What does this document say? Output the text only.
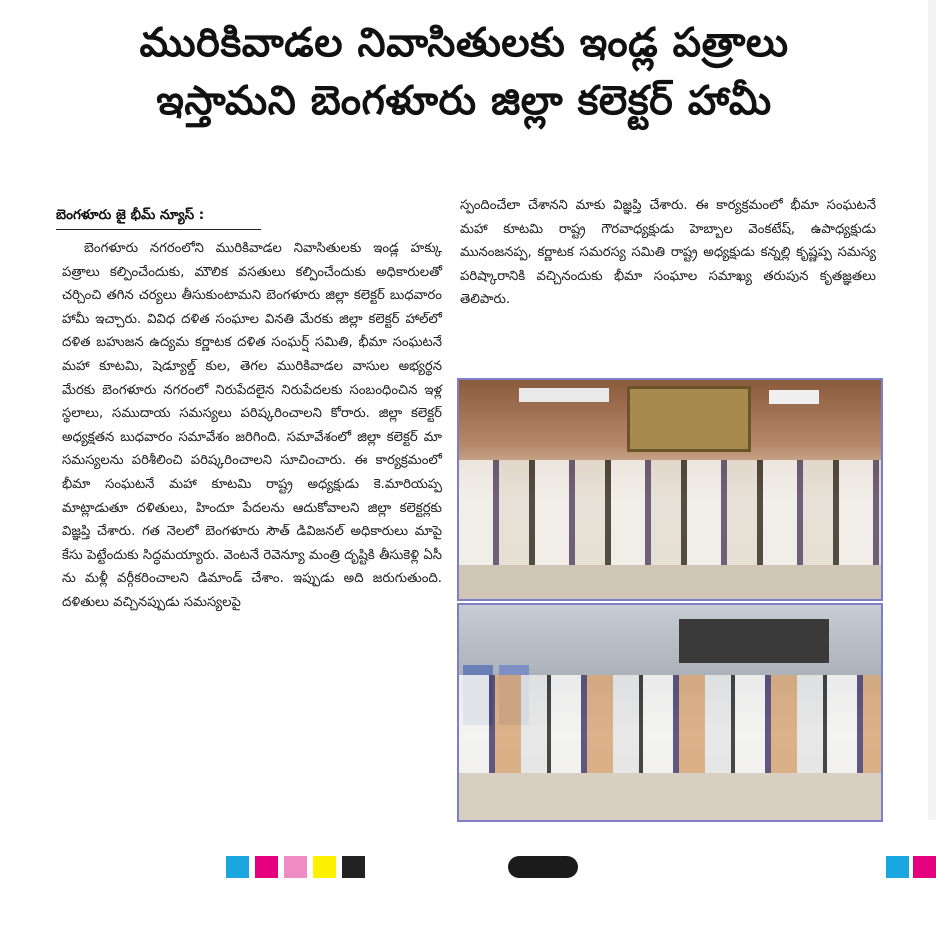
మురికివాడల నివాసితులకు ఇండ్ల పత్రాలు
ఇస్తామని బెంగళూరు జిల్లా కలెక్టర్ హామీ
బెంగళూరు జై భీమ్ న్యూస్ :
బెంగళూరు నగరంలోని మురికివాడల నివాసితులకు ఇండ్ల హక్కు పత్రాలు కల్పించేందుకు, మౌలిక వసతులు కల్పించేందుకు అధికారులతో చర్చించి తగిన చర్యలు తీసుకుంటామని బెంగళూరు జిల్లా కలెక్టర్ బుధవారం హామీ ఇచ్చారు. వివిధ దళిత సంఘాల వినతి మేరకు జిల్లా కలెక్టర్ హాల్‌లో దళిత బహుజన ఉద్యమ కర్ణాటక దళిత సంఘర్ష్ సమితి, భీమా సంఘటనే మహా కూటమి, షెడ్యూల్డ్ కుల, తెగల మురికివాడల వాసుల అభ్యర్థన మేరకు బెంగళూరు నగరంలో నిరుపేదలైన నిరుపేదలకు సంబంధించిన ఇళ్ల స్థలాలు, సముదాయ సమస్యలు పరిష్కరించాలని కోరారు. జిల్లా కలెక్టర్ అధ్యక్షతన బుధవారం సమావేశం జరిగింది. సమావేశంలో జిల్లా కలెక్టర్ మా సమస్యలను పరిశీలించి పరిష్కరించాలని సూచించారు. ఈ కార్యక్రమంలో భీమా సంఘటనే మహా కూటమి రాష్ట్ర అధ్యక్షుడు కె.మారియప్ప మాట్లాడుతూ దళితులు, హిందూ పేదలను ఆదుకోవాలని జిల్లా కలెక్టర్లకు విజ్ఞప్తి చేశారు. గత నెలలో బెంగళూరు సౌత్ డివిజనల్ అధికారులు మాపై కేసు పెట్టేందుకు సిద్ధమయ్యారు. వెంటనే రెవెన్యూ మంత్రి దృష్టికి తీసుకెళ్లి ఏసీ ను మళ్లీ వర్గీకరించాలని డిమాండ్ చేశాం. ఇప్పుడు అది జరుగుతుంది. దళితులు వచ్చినప్పుడు సమస్యలపై
స్పందించేలా చేశానని మాకు విజ్ఞప్తి చేశారు. ఈ కార్యక్రమంలో భీమా సంఘటనే మహా కూటమి రాష్ట్ర గౌరవాధ్యక్షుడు హెబ్బాల వెంకటేష్, ఉపాధ్యక్షుడు మునంజనప్ప, కర్ణాటక సమరస్య సమితి రాష్ట్ర అధ్యక్షుడు కన్నల్లి కృష్ణప్ప సమస్య పరిష్కారానికి వచ్చినందుకు భీమా సంఘాల సమాఖ్య తరుపున కృతజ్ఞతలు తెలిపారు.
